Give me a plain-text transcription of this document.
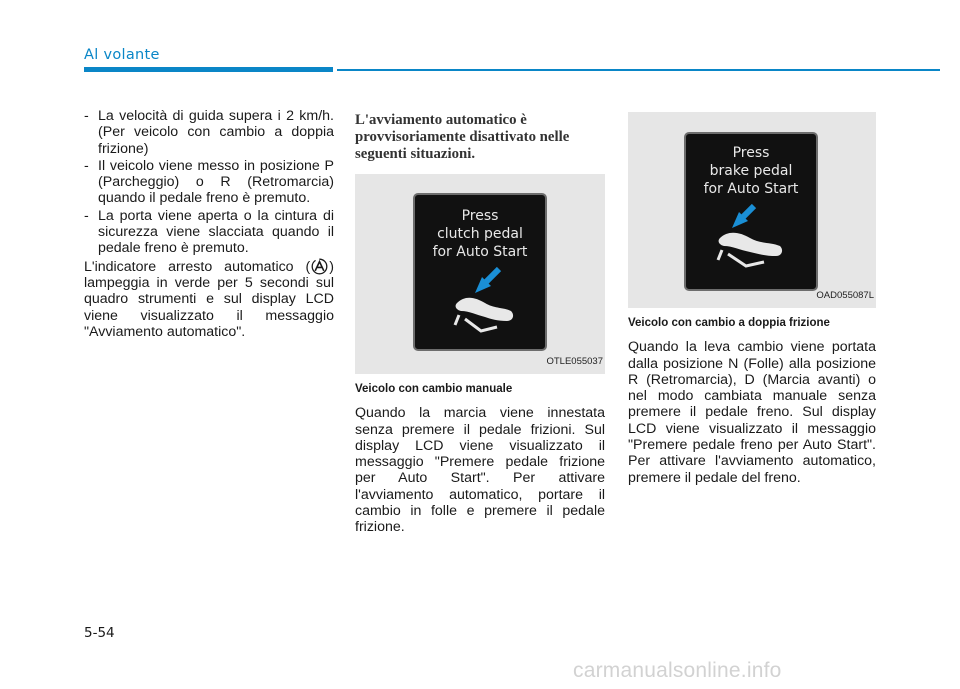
Al volante
- La velocità di guida supera i 2 km/h. (Per veicolo con cambio a doppia frizione)
- Il veicolo viene messo in posizione P (Parcheggio) o R (Retromarcia) quando il pedale freno è premuto.
- La porta viene aperta o la cintura di sicurezza viene slacciata quando il pedale freno è premuto.
L'indicatore arresto automatico ( ) lampeggia in verde per 5 secondi sul quadro strumenti e sul display LCD viene visualizzato il messaggio "Avviamento automatico".
L'avviamento automatico è provvisoriamente disattivato nelle seguenti situazioni.
Press
clutch pedal
for Auto Start
OTLE055037
Veicolo con cambio manuale
Quando la marcia viene innestata senza premere il pedale frizioni. Sul display LCD viene visualizzato il messaggio "Premere pedale frizione per Auto Start". Per attivare l'avviamento automatico, portare il cambio in folle e premere il pedale frizione.
Press
brake pedal
for Auto Start
OAD055087L
Veicolo con cambio a doppia frizione
Quando la leva cambio viene portata dalla posizione N (Folle) alla posizione R (Retromarcia), D (Marcia avanti) o nel modo cambiata manuale senza premere il pedale freno. Sul display LCD viene visualizzato il messaggio "Premere pedale freno per Auto Start". Per attivare l'avviamento automatico, premere il pedale del freno.
5-54
carmanualsonline.info
